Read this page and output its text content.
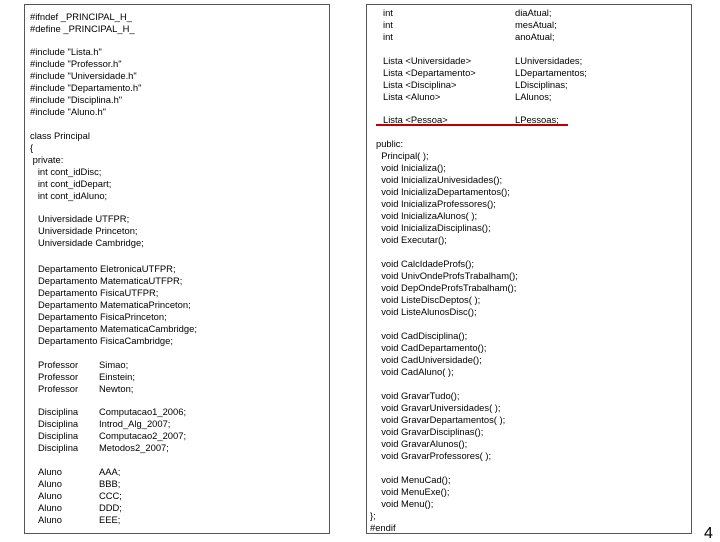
4
#ifndef _PRINCIPAL_H_
#define _PRINCIPAL_H_
#include "Lista.h"
#include "Professor.h"
#include "Universidade.h"
#include "Departamento.h"
#include "Disciplina.h"
#include "Aluno.h"
class Principal
{
private:
int cont_idDisc;
int cont_idDepart;
int cont_idAluno;
Universidade UTFPR;
Universidade Princeton;
Universidade Cambridge;
Departamento EletronicaUTFPR;
Departamento MatematicaUTFPR;
Departamento FisicaUTFPR;
Departamento MatematicaPrinceton;
Departamento FisicaPrinceton;
Departamento MatematicaCambridge;
Departamento FisicaCambridge;
Professor Simao;
Professor Einstein;
Professor Newton;
Disciplina Computacao1_2006;
Disciplina Introd_Alg_2007;
Disciplina Computacao2_2007;
Disciplina Metodos2_2007;
Aluno	AAA;
Aluno	BBB;
Aluno	CCC;
Aluno	DDD;
Aluno	EEE;
int	diaAtual;
int	mesAtual;
int	anoAtual;
Lista <Universidade>	LUniversidades;
Lista <Departamento>	LDepartamentos;
Lista <Disciplina>	LDisciplinas;
Lista <Aluno>	LAlunos;
Lista <Pessoa>	LPessoas;
public:
Principal( );
void Inicializa();
void InicializaUnivesidades();
void InicializaDepartamentos();
void InicializaProfessores();
void InicializaAlunos( );
void InicializaDisciplinas();
void Executar();
void CalcIdadeProfs();
void UnivOndeProfsTrabalham();
void DepOndeProfsTrabalham();
void ListeDiscDeptos( );
void ListeAlunosDisc();
void CadDisciplina();
void CadDepartamento();
void CadUniversidade();
void CadAluno( );
void GravarTudo();
void GravarUniversidades( );
void GravarDepartamentos( );
void GravarDisciplinas();
void GravarAlunos();
void GravarProfessores( );
void MenuCad();
void MenuExe();
void Menu();
};
#endif
